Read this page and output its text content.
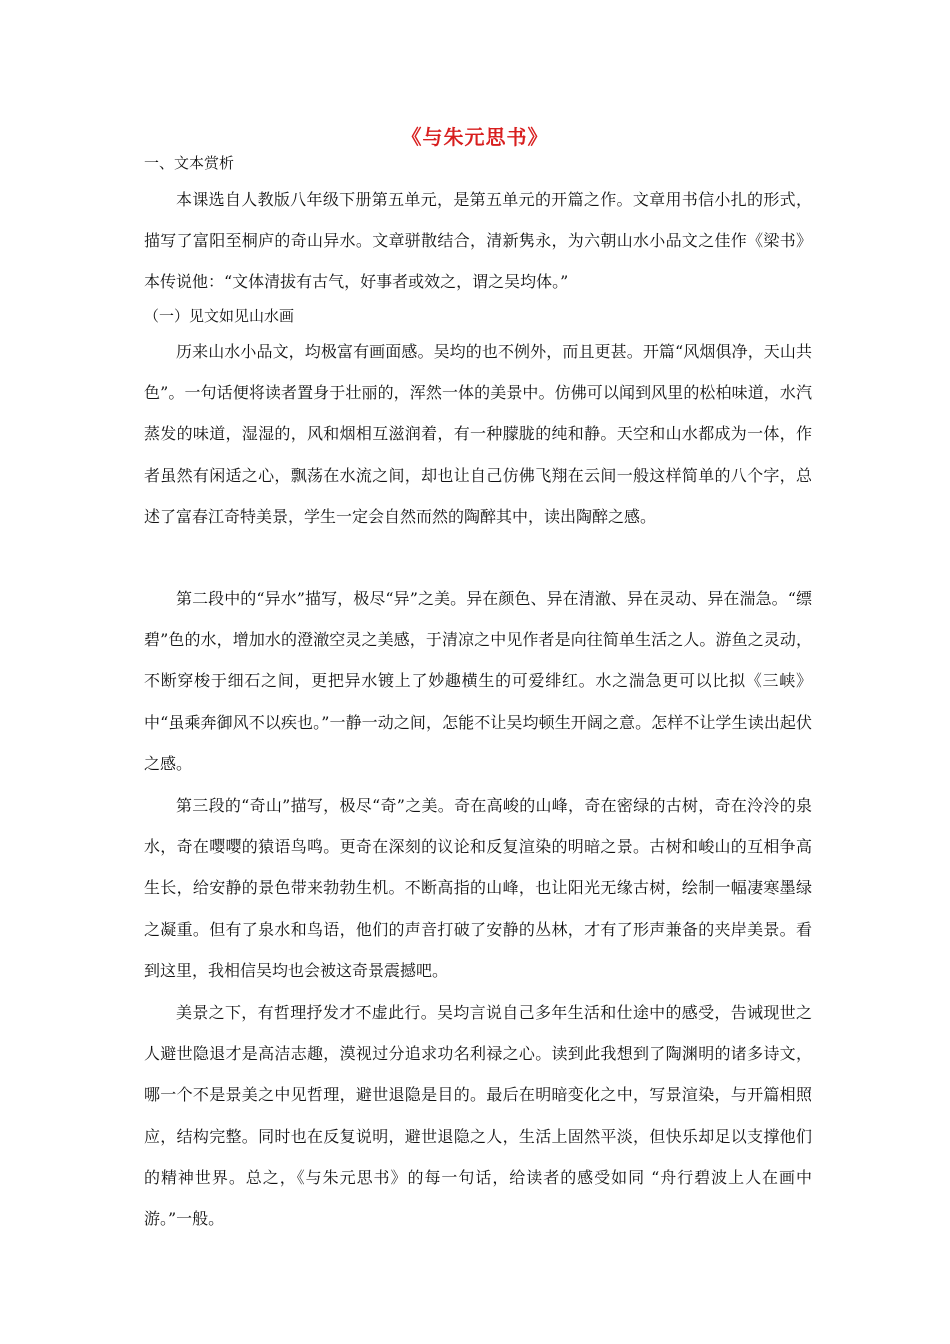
《与朱元思书》
一、文本赏析

本课选自人教版八年级下册第五单元，是第五单元的开篇之作。文章用书信小扎的形式，描写了富阳至桐庐的奇山异水。文章骈散结合，清新隽永，为六朝山水小品文之佳作《梁书》本传说他：“文体清拔有古气，好事者或效之，谓之吴均体。”

（一）见文如见山水画

历来山水小品文，均极富有画面感。吴均的也不例外，而且更甚。开篇“风烟俱净，天山共色”。一句话便将读者置身于壮丽的，浑然一体的美景中。仿佛可以闻到风里的松柏味道，水汽蒸发的味道，湿湿的，风和烟相互滋润着，有一种朦胧的纯和静。天空和山水都成为一体，作者虽然有闲适之心，飘荡在水流之间，却也让自己仿佛飞翔在云间一般这样简单的八个字，总述了富春江奇特美景，学生一定会自然而然的陶醉其中，读出陶醉之感。

第二段中的“异水”描写，极尽“异”之美。异在颜色、异在清澈、异在灵动、异在湍急。“缥碧”色的水，增加水的澄澈空灵之美感，于清凉之中见作者是向往简单生活之人。游鱼之灵动，不断穿梭于细石之间，更把异水镀上了妙趣横生的可爱绯红。水之湍急更可以比拟《三峡》中“虽乘奔御风不以疾也。”一静一动之间，怎能不让吴均顿生开阔之意。怎样不让学生读出起伏之感。

第三段的“奇山”描写，极尽“奇”之美。奇在高峻的山峰，奇在密绿的古树，奇在泠泠的泉水，奇在嘤嘤的猿语鸟鸣。更奇在深刻的议论和反复渲染的明暗之景。古树和峻山的互相争高生长，给安静的景色带来勃勃生机。不断高指的山峰，也让阳光无缘古树，绘制一幅凄寒墨绿之凝重。但有了泉水和鸟语，他们的声音打破了安静的丛林，才有了形声兼备的夹岸美景。看到这里，我相信吴均也会被这奇景震撼吧。

美景之下，有哲理抒发才不虚此行。吴均言说自己多年生活和仕途中的感受，告诫现世之人避世隐退才是高洁志趣，漠视过分追求功名利禄之心。读到此我想到了陶渊明的诸多诗文，哪一个不是景美之中见哲理，避世退隐是目的。最后在明暗变化之中，写景渲染，与开篇相照应，结构完整。同时也在反复说明，避世退隐之人，生活上固然平淡，但快乐却足以支撑他们的精神世界。总之，《与朱元思书》的每一句话，给读者的感受如同 “舟行碧波上人在画中游。”一般。
